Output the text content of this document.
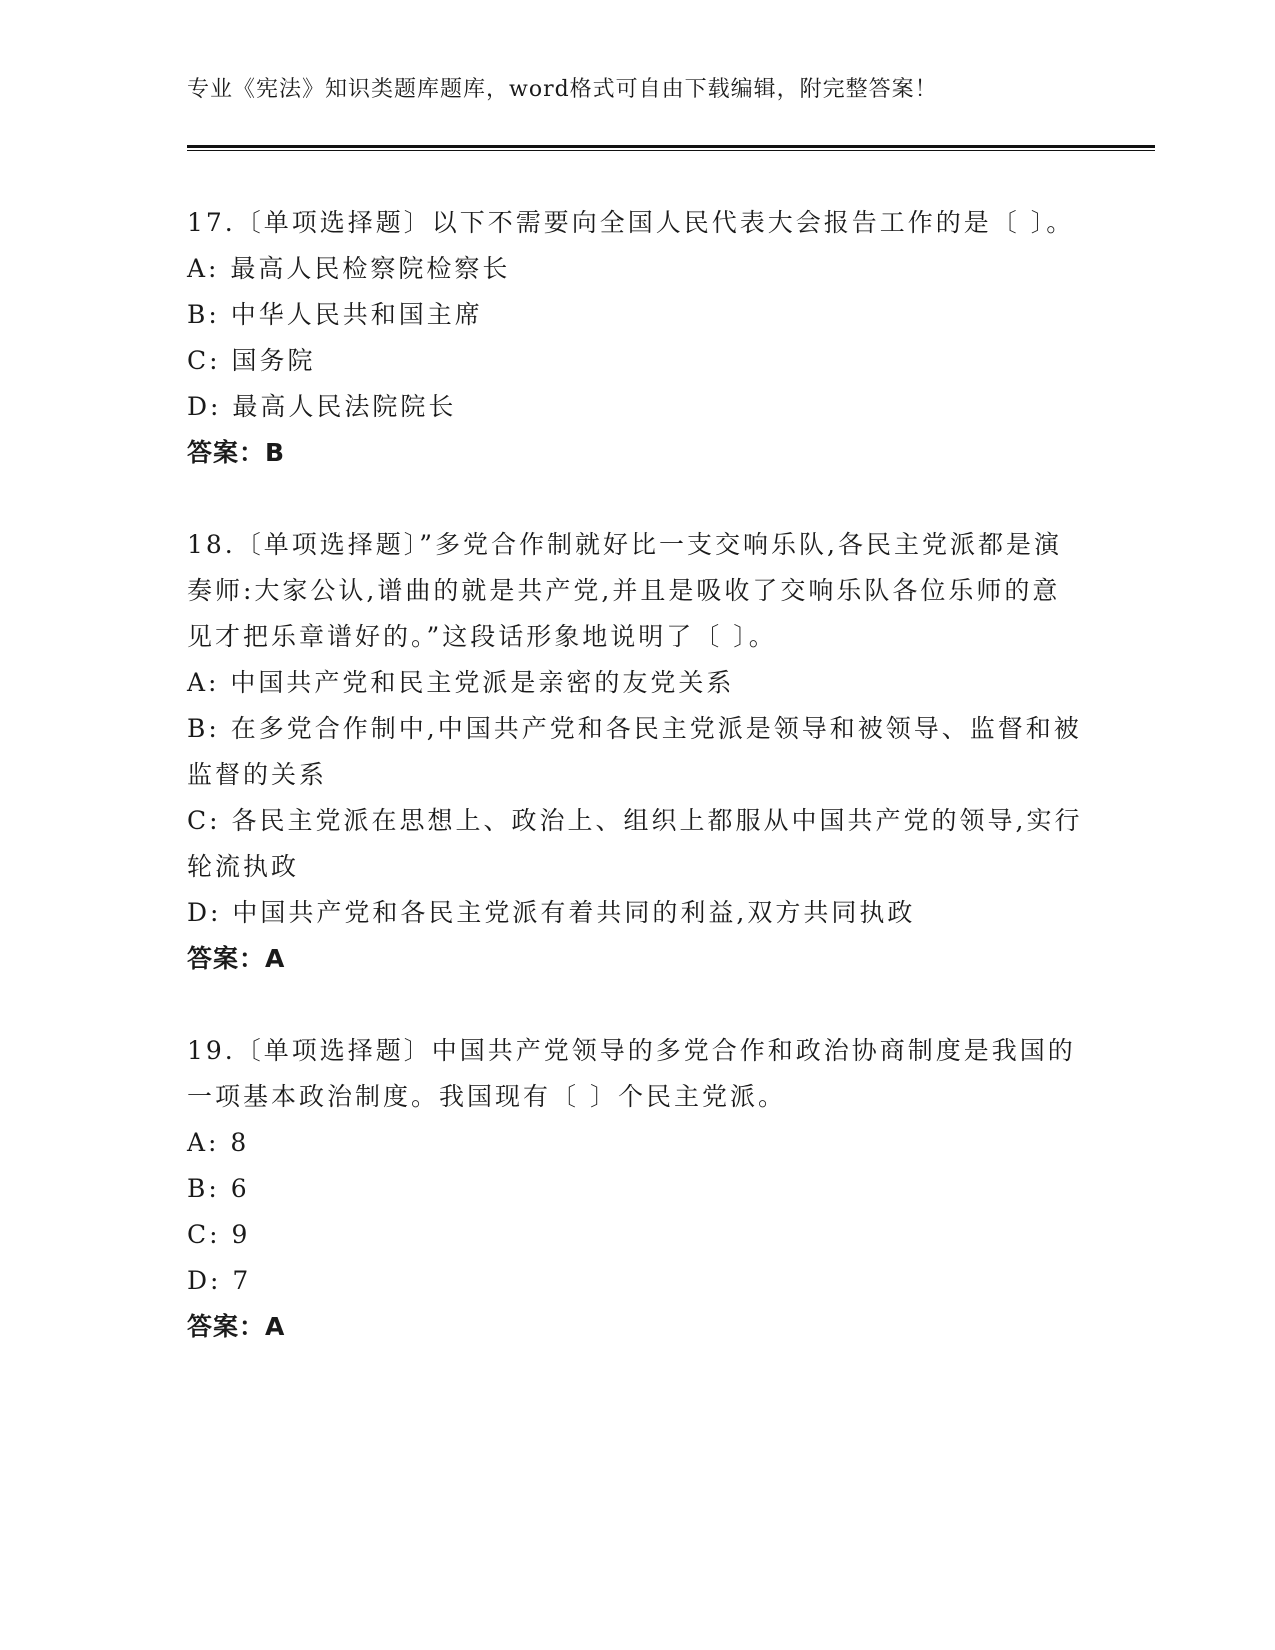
专业《宪法》知识类题库题库，word格式可自由下载编辑，附完整答案！

17.〔单项选择题〕以下不需要向全国人民代表大会报告工作的是〔 〕。

A: 最高人民检察院检察长

B: 中华人民共和国主席

C: 国务院

D: 最高人民法院院长

答案：B

18.〔单项选择题〕”多党合作制就好比一支交响乐队,各民主党派都是演奏师:大家公认,谱曲的就是共产党,并且是吸收了交响乐队各位乐师的意见才把乐章谱好的。”这段话形象地说明了〔 〕。

A: 中国共产党和民主党派是亲密的友党关系

B: 在多党合作制中,中国共产党和各民主党派是领导和被领导、监督和被监督的关系

C: 各民主党派在思想上、政治上、组织上都服从中国共产党的领导,实行轮流执政

D: 中国共产党和各民主党派有着共同的利益,双方共同执政

答案：A

19.〔单项选择题〕中国共产党领导的多党合作和政治协商制度是我国的一项基本政治制度。我国现有〔 〕个民主党派。

A: 8

B: 6

C: 9

D: 7

答案：A
